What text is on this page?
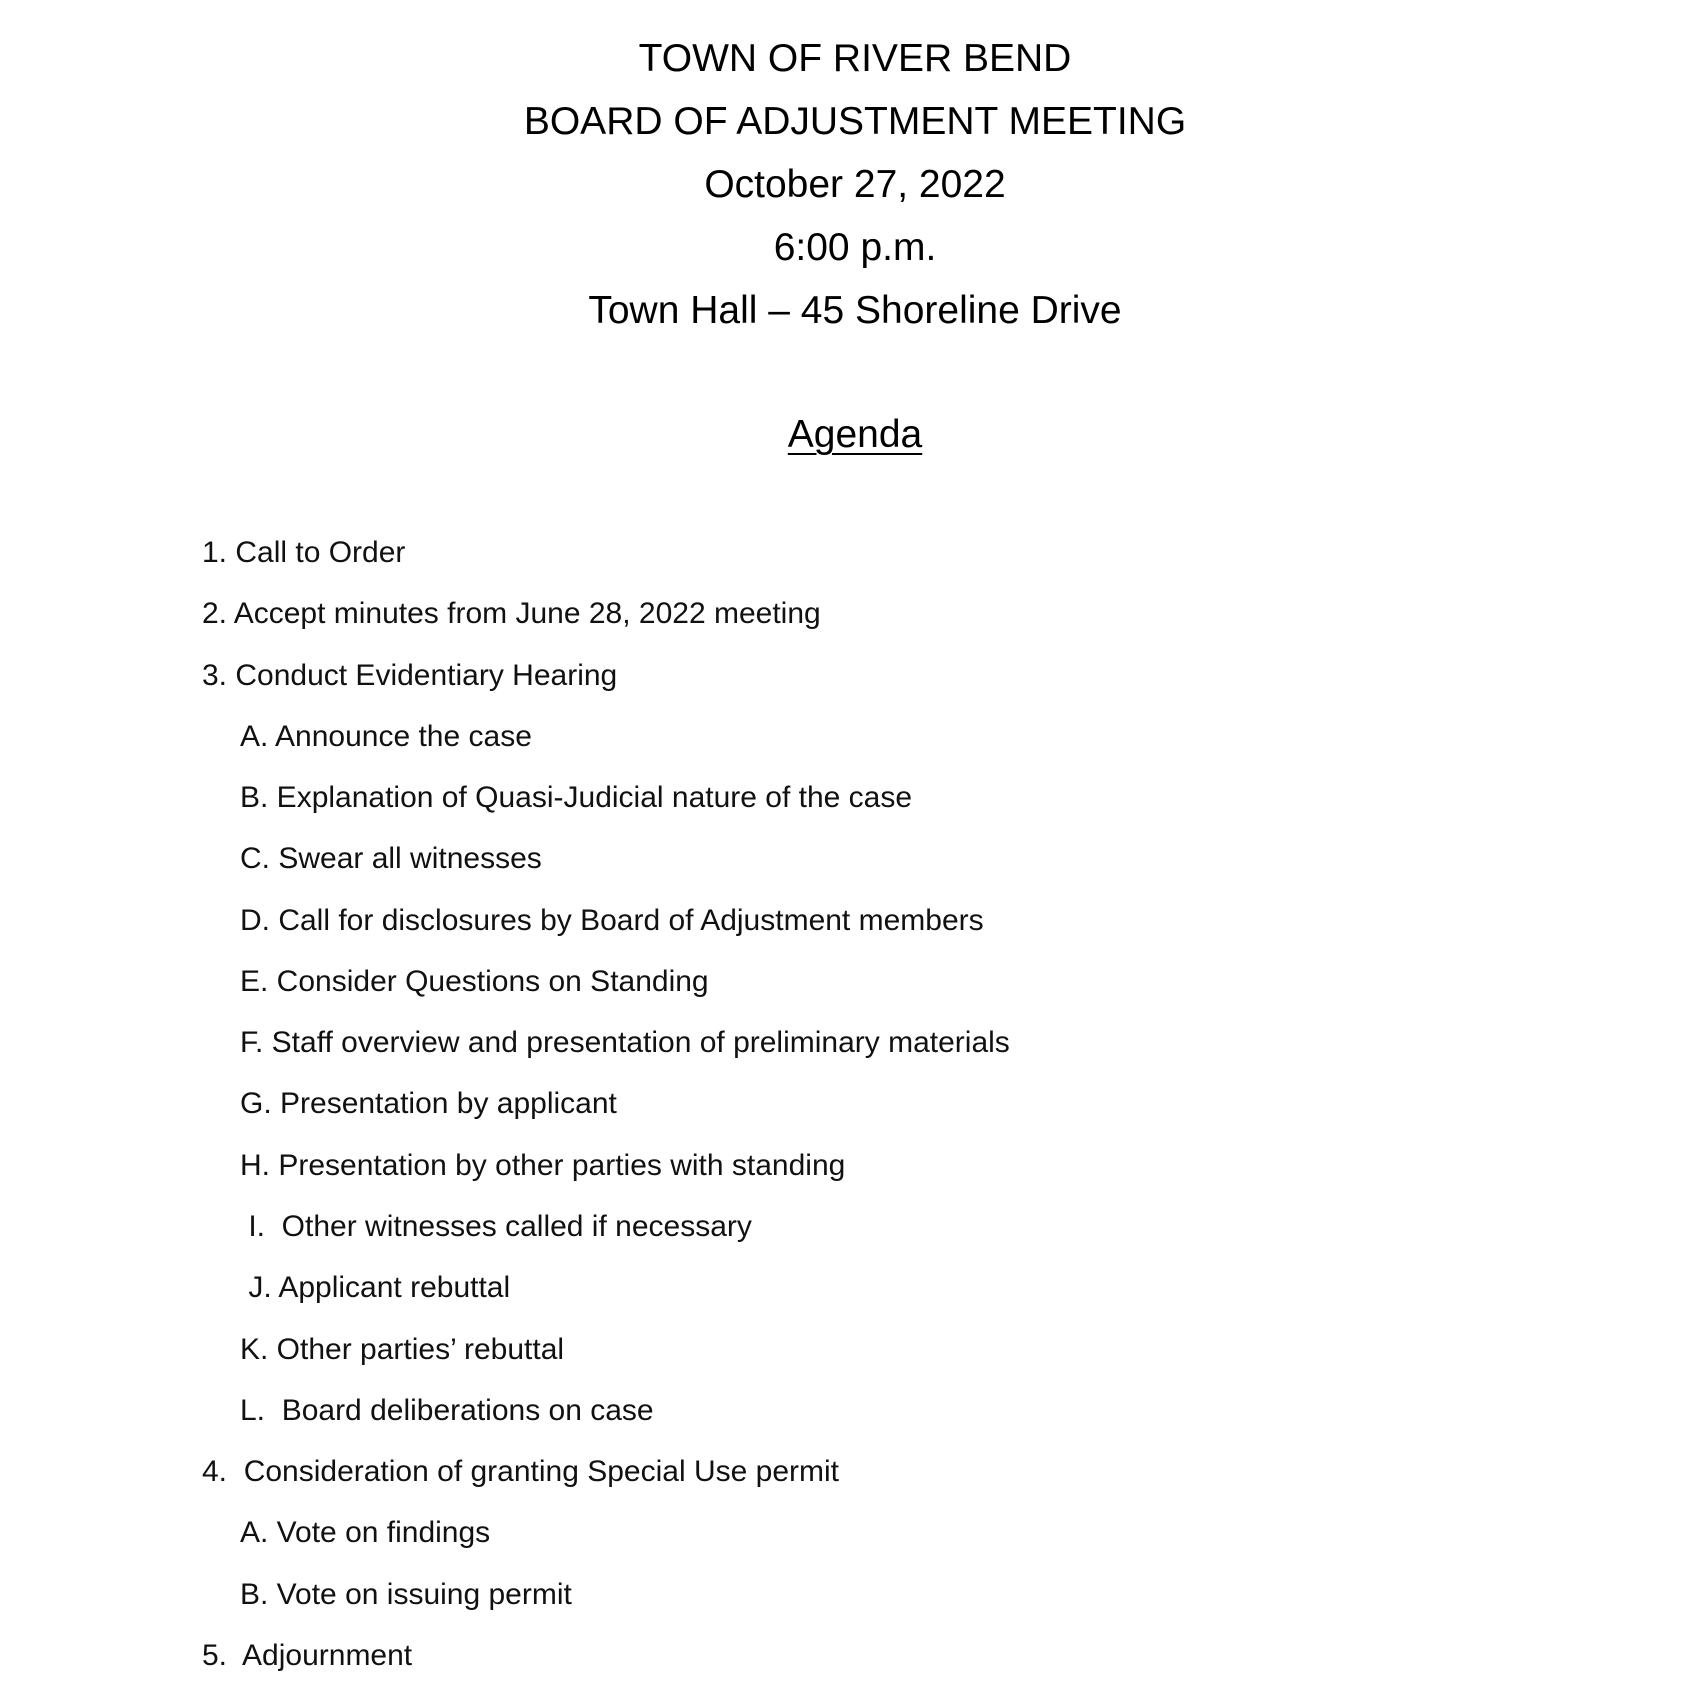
TOWN OF RIVER BEND
BOARD OF ADJUSTMENT MEETING
October 27, 2022
6:00 p.m.
Town Hall – 45 Shoreline Drive
Agenda
1. Call to Order
2. Accept minutes from June 28, 2022 meeting
3. Conduct Evidentiary Hearing
A. Announce the case
B. Explanation of Quasi-Judicial nature of the case
C. Swear all witnesses
D. Call for disclosures by Board of Adjustment members
E. Consider Questions on Standing
F. Staff overview and presentation of preliminary materials
G. Presentation by applicant
H. Presentation by other parties with standing
I.  Other witnesses called if necessary
J. Applicant rebuttal
K. Other parties’ rebuttal
L.  Board deliberations on case
4.  Consideration of granting Special Use permit
A. Vote on findings
B. Vote on issuing permit
5.  Adjournment
